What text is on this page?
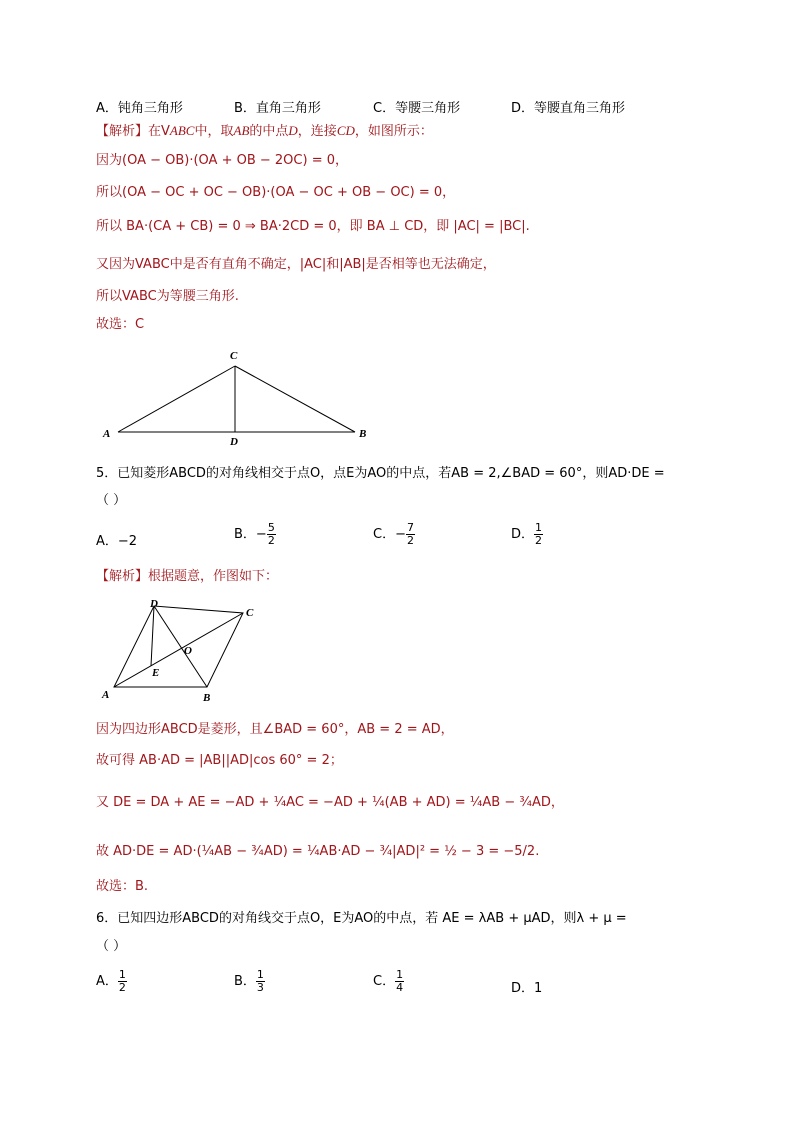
A．钝角三角形	B．直角三角形	C．等腰三角形	D．等腰直角三角形
【解析】在VABC中，取AB的中点D，连接CD，如图所示：
因为(OA − OB)·(OA + OB − 2OC) = 0，
所以(OA − OC + OC − OB)·(OA − OC + OB − OC) = 0，
所以 BA·(CA + CB) = 0 ⇒ BA·2CD = 0，即 BA ⊥ CD，即 |AC| = |BC|.
又因为VABC中是否有直角不确定，|AC|和|AB|是否相等也无法确定，
所以VABC为等腰三角形.
故选：C
A	B
C
D
5．已知菱形ABCD的对角线相交于点O，点E为AO的中点，若AB = 2,∠BAD = 60°，则AD·DE =
（ ）
A．−2	B．− $\frac{5}{2}$	C．− $\frac{7}{2}$	D． $\frac{1}{2}$
【解析】根据题意，作图如下：
A	B
C
D
E
O
因为四边形ABCD是菱形，且∠BAD = 60°，AB = 2 = AD，
故可得 AB·AD = |AB||AD|cos 60° = 2；
又 DE = DA + AE = −AD + ¼AC = −AD + ¼(AB + AD) = ¼AB − ¾AD，
故 AD·DE = AD·(¼AB − ¾AD) = ¼AB·AD − ¾|AD|² = ½ − 3 = −5/2.
故选：B.
6．已知四边形ABCD的对角线交于点O，E为AO的中点，若 AE = λAB + μAD，则λ + μ =
（ ）
A． $\frac{1}{2}$	B． $\frac{1}{3}$	C． $\frac{1}{4}$	D．1
